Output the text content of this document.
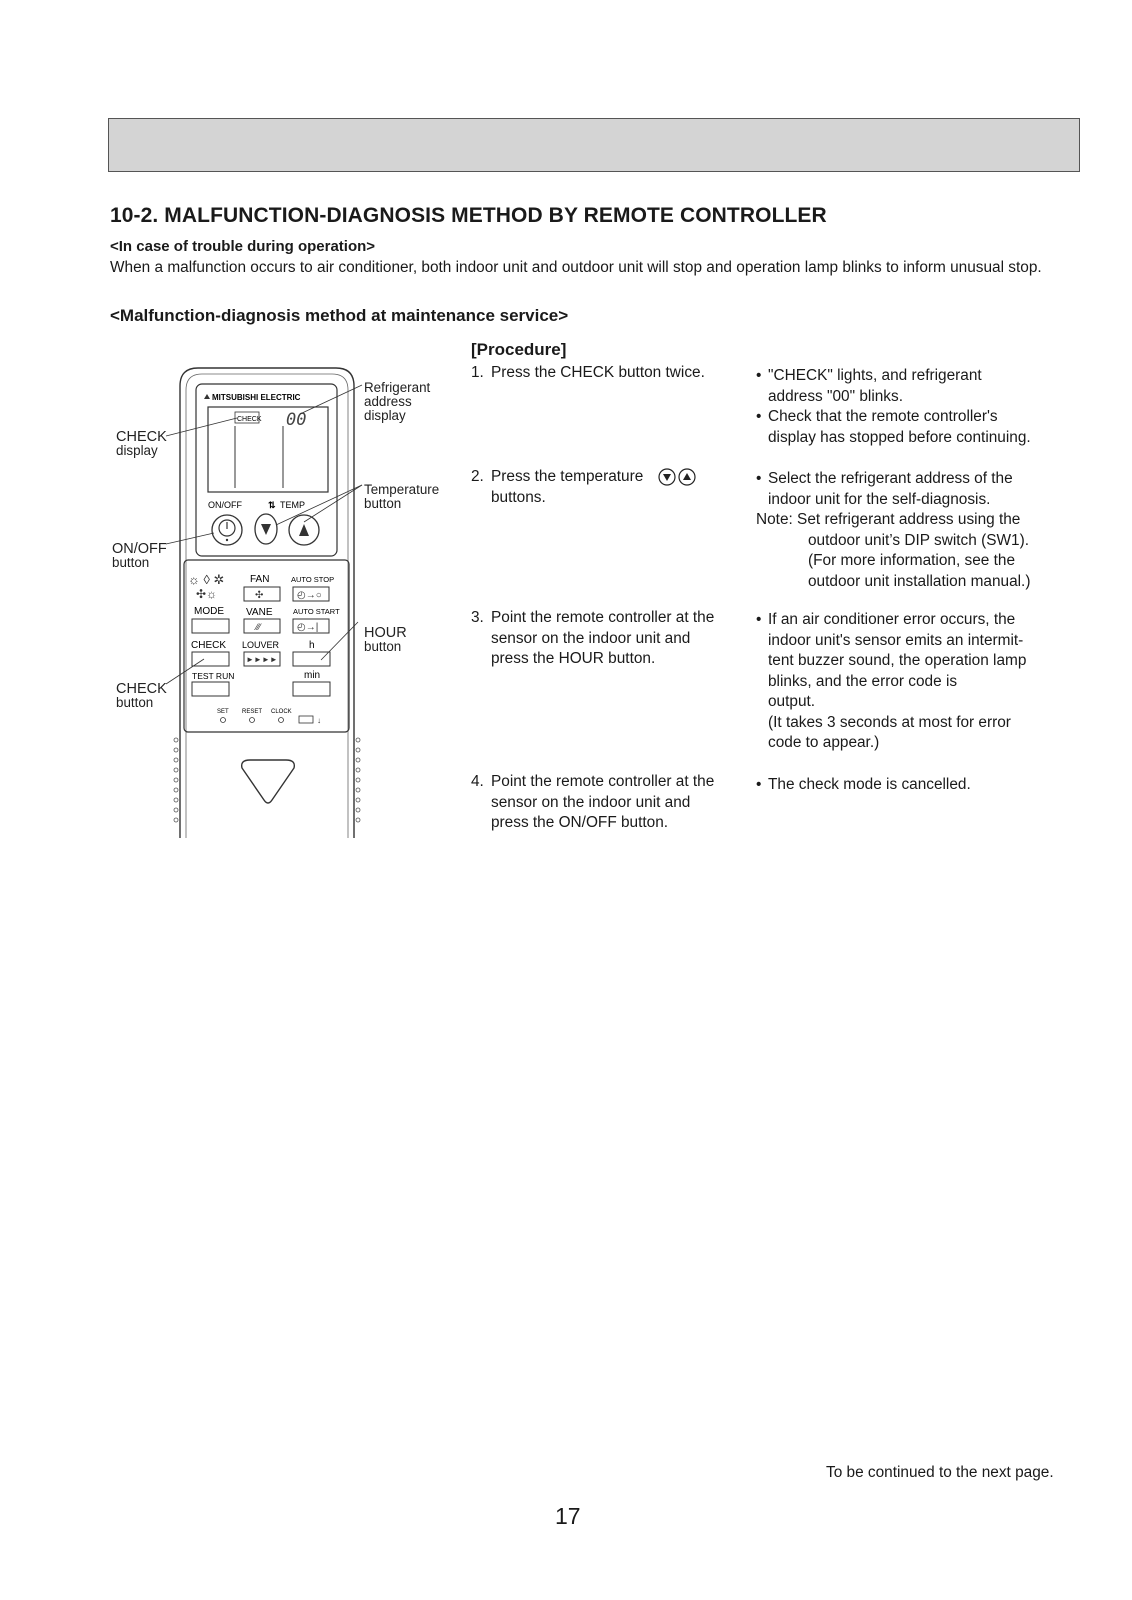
10-2. MALFUNCTION-DIAGNOSIS METHOD BY REMOTE CONTROLLER
<In case of trouble during operation>
When a malfunction occurs to air conditioner, both indoor unit and outdoor unit will stop and operation lamp blinks to inform unusual stop.
<Malfunction-diagnosis method at maintenance service>
MITSUBISHI ELECTRIC
CHECK 00
ON/OFF	⇅ TEMP
☼ ◊ ✲
✣☼
FAN	AUTO STOP
✣	◴→○
MODE VANE	AUTO START
⁄⁄⁄	◴→|
CHECK LOUVER	h
►►►►
TEST RUN	min
SET RESET CLOCK
↓
Refrigerant
address
display
CHECK
display
Temperature
button
ON/OFF
button
HOUR
button
CHECK
button
[Procedure]
1. Press the CHECK button twice.
•	"CHECK" lights, and refrigerant
address "00" blinks.
• Check that the remote controller's
display has stopped before continuing.
2. Press the temperature
buttons.
• Select the refrigerant address of the
indoor unit for the self-diagnosis.
Note: Set refrigerant address using the
outdoor unit’s DIP switch (SW1).
(For more information, see the
outdoor unit installation manual.)
3. Point the remote controller at the
sensor on the indoor unit and
press the HOUR button.
• If an air conditioner error occurs, the
indoor unit's sensor emits an intermit-
tent buzzer sound, the operation lamp
blinks, and the error code is
output.
(It takes 3 seconds at most for error
code to appear.)
4. Point the remote controller at the
sensor on the indoor unit and
press the ON/OFF button.
• The check mode is cancelled.
To be continued to the next page.
17
